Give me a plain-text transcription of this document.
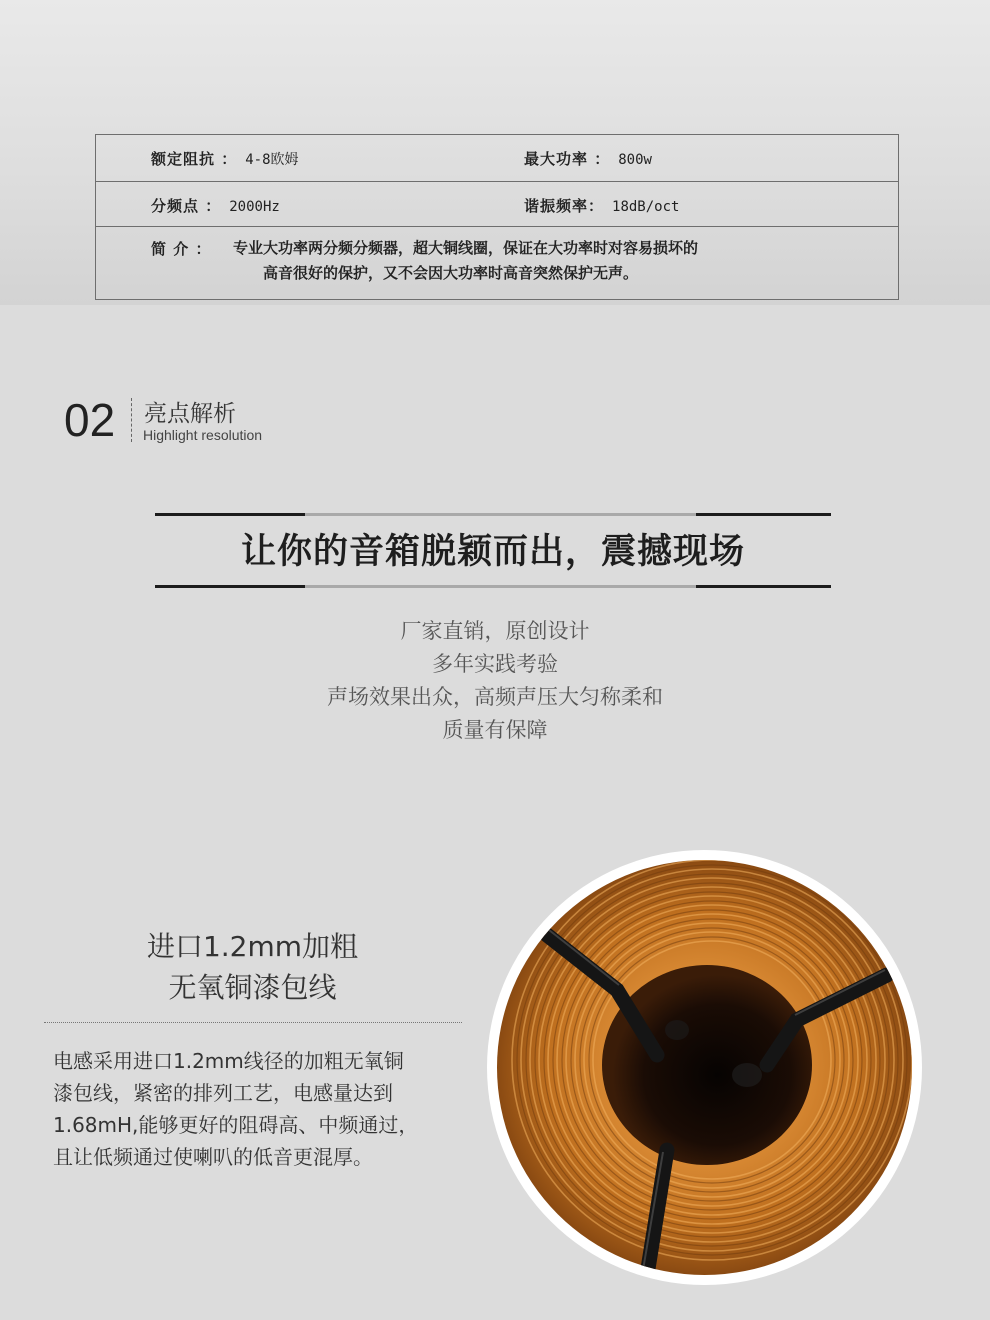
额定阻抗 ： 4-8欧姆	最大功率 ： 800w
分频点 ： 2000Hz	谐振频率： 18dB/oct
简 介 ： 专业大功率两分频分频器，超大铜线圈，保证在大功率时对容易损坏的
高音很好的保护，又不会因大功率时高音突然保护无声。
02 亮点解析
Highlight resolution
让你的音箱脱颖而出，震撼现场
厂家直销，原创设计
多年实践考验
声场效果出众，高频声压大匀称柔和
质量有保障
进口1.2mm加粗
无氧铜漆包线
电感采用进口1.2mm线径的加粗无氧铜
漆包线，紧密的排列工艺，电感量达到
1.68mH,能够更好的阻碍高、中频通过，
且让低频通过使喇叭的低音更混厚。
